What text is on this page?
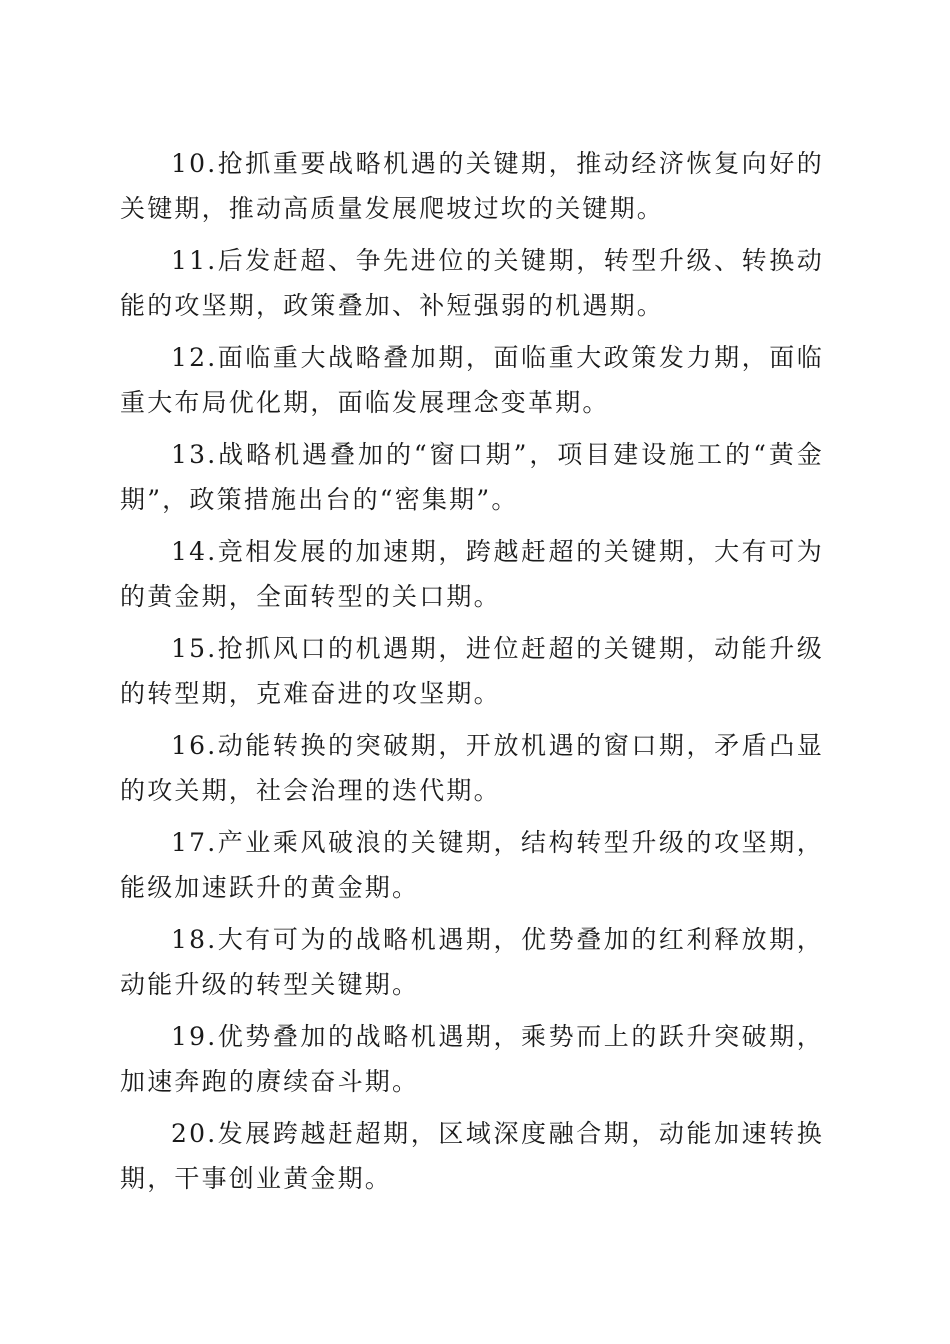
10.抢抓重要战略机遇的关键期，推动经济恢复向好的关键期，推动高质量发展爬坡过坎的关键期。

11.后发赶超、争先进位的关键期，转型升级、转换动能的攻坚期，政策叠加、补短强弱的机遇期。

12.面临重大战略叠加期，面临重大政策发力期，面临重大布局优化期，面临发展理念变革期。

13.战略机遇叠加的“窗口期”，项目建设施工的“黄金期”，政策措施出台的“密集期”。

14.竞相发展的加速期，跨越赶超的关键期，大有可为的黄金期，全面转型的关口期。

15.抢抓风口的机遇期，进位赶超的关键期，动能升级的转型期，克难奋进的攻坚期。

16.动能转换的突破期，开放机遇的窗口期，矛盾凸显的攻关期，社会治理的迭代期。

17.产业乘风破浪的关键期，结构转型升级的攻坚期，能级加速跃升的黄金期。

18.大有可为的战略机遇期，优势叠加的红利释放期，动能升级的转型关键期。

19.优势叠加的战略机遇期，乘势而上的跃升突破期，加速奔跑的赓续奋斗期。

20.发展跨越赶超期，区域深度融合期，动能加速转换期，干事创业黄金期。
